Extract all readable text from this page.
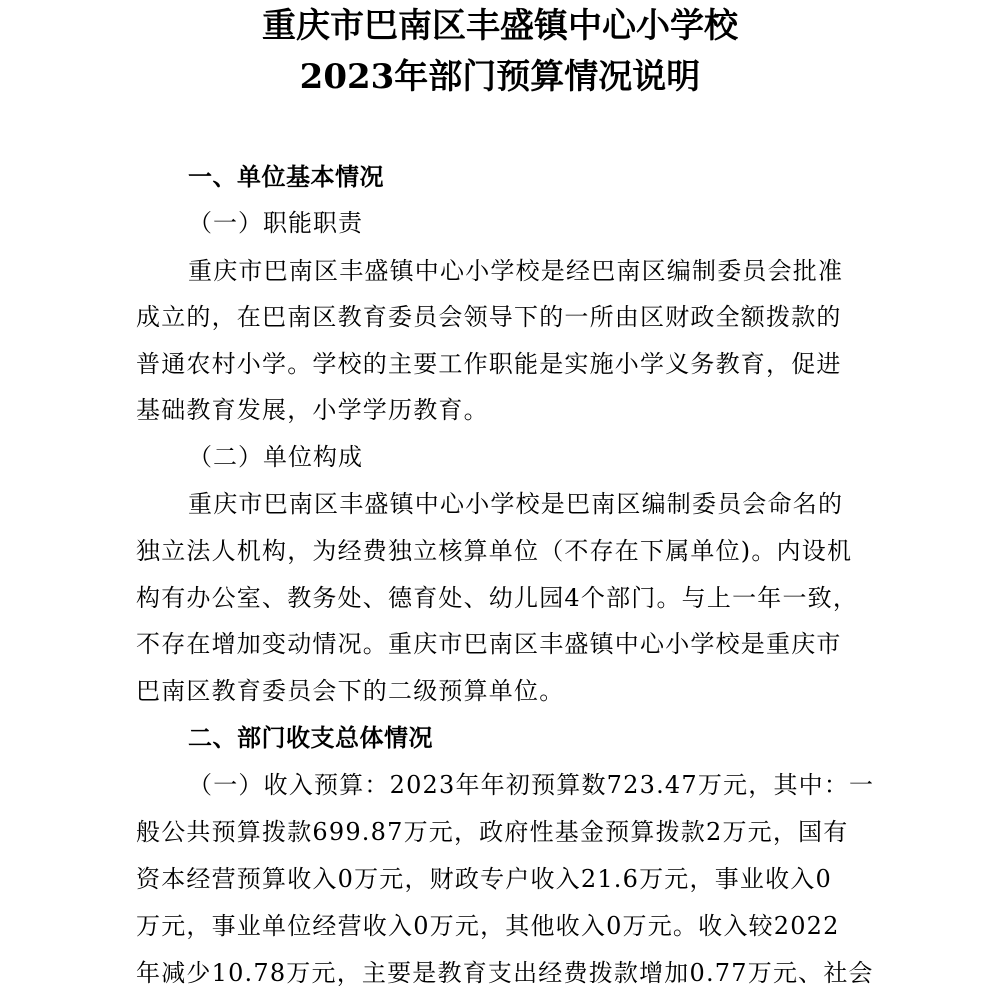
重庆市巴南区丰盛镇中心小学校
2023年部门预算情况说明
一、单位基本情况
（一）职能职责
重庆市巴南区丰盛镇中心小学校是经巴南区编制委员会批准
成立的，在巴南区教育委员会领导下的一所由区财政全额拨款的
普通农村小学。学校的主要工作职能是实施小学义务教育，促进
基础教育发展，小学学历教育。
（二）单位构成
重庆市巴南区丰盛镇中心小学校是巴南区编制委员会命名的
独立法人机构，为经费独立核算单位（不存在下属单位)。内设机
构有办公室、教务处、德育处、幼儿园4个部门。与上一年一致，
不存在增加变动情况。重庆市巴南区丰盛镇中心小学校是重庆市
巴南区教育委员会下的二级预算单位。
二、部门收支总体情况
（一）收入预算：2023年年初预算数723.47万元，其中：一
般公共预算拨款699.87万元，政府性基金预算拨款2万元，国有
资本经营预算收入0万元，财政专户收入21.6万元，事业收入0
万元，事业单位经营收入0万元，其他收入0万元。收入较2022
年减少10.78万元，主要是教育支出经费拨款增加0.77万元、社会
